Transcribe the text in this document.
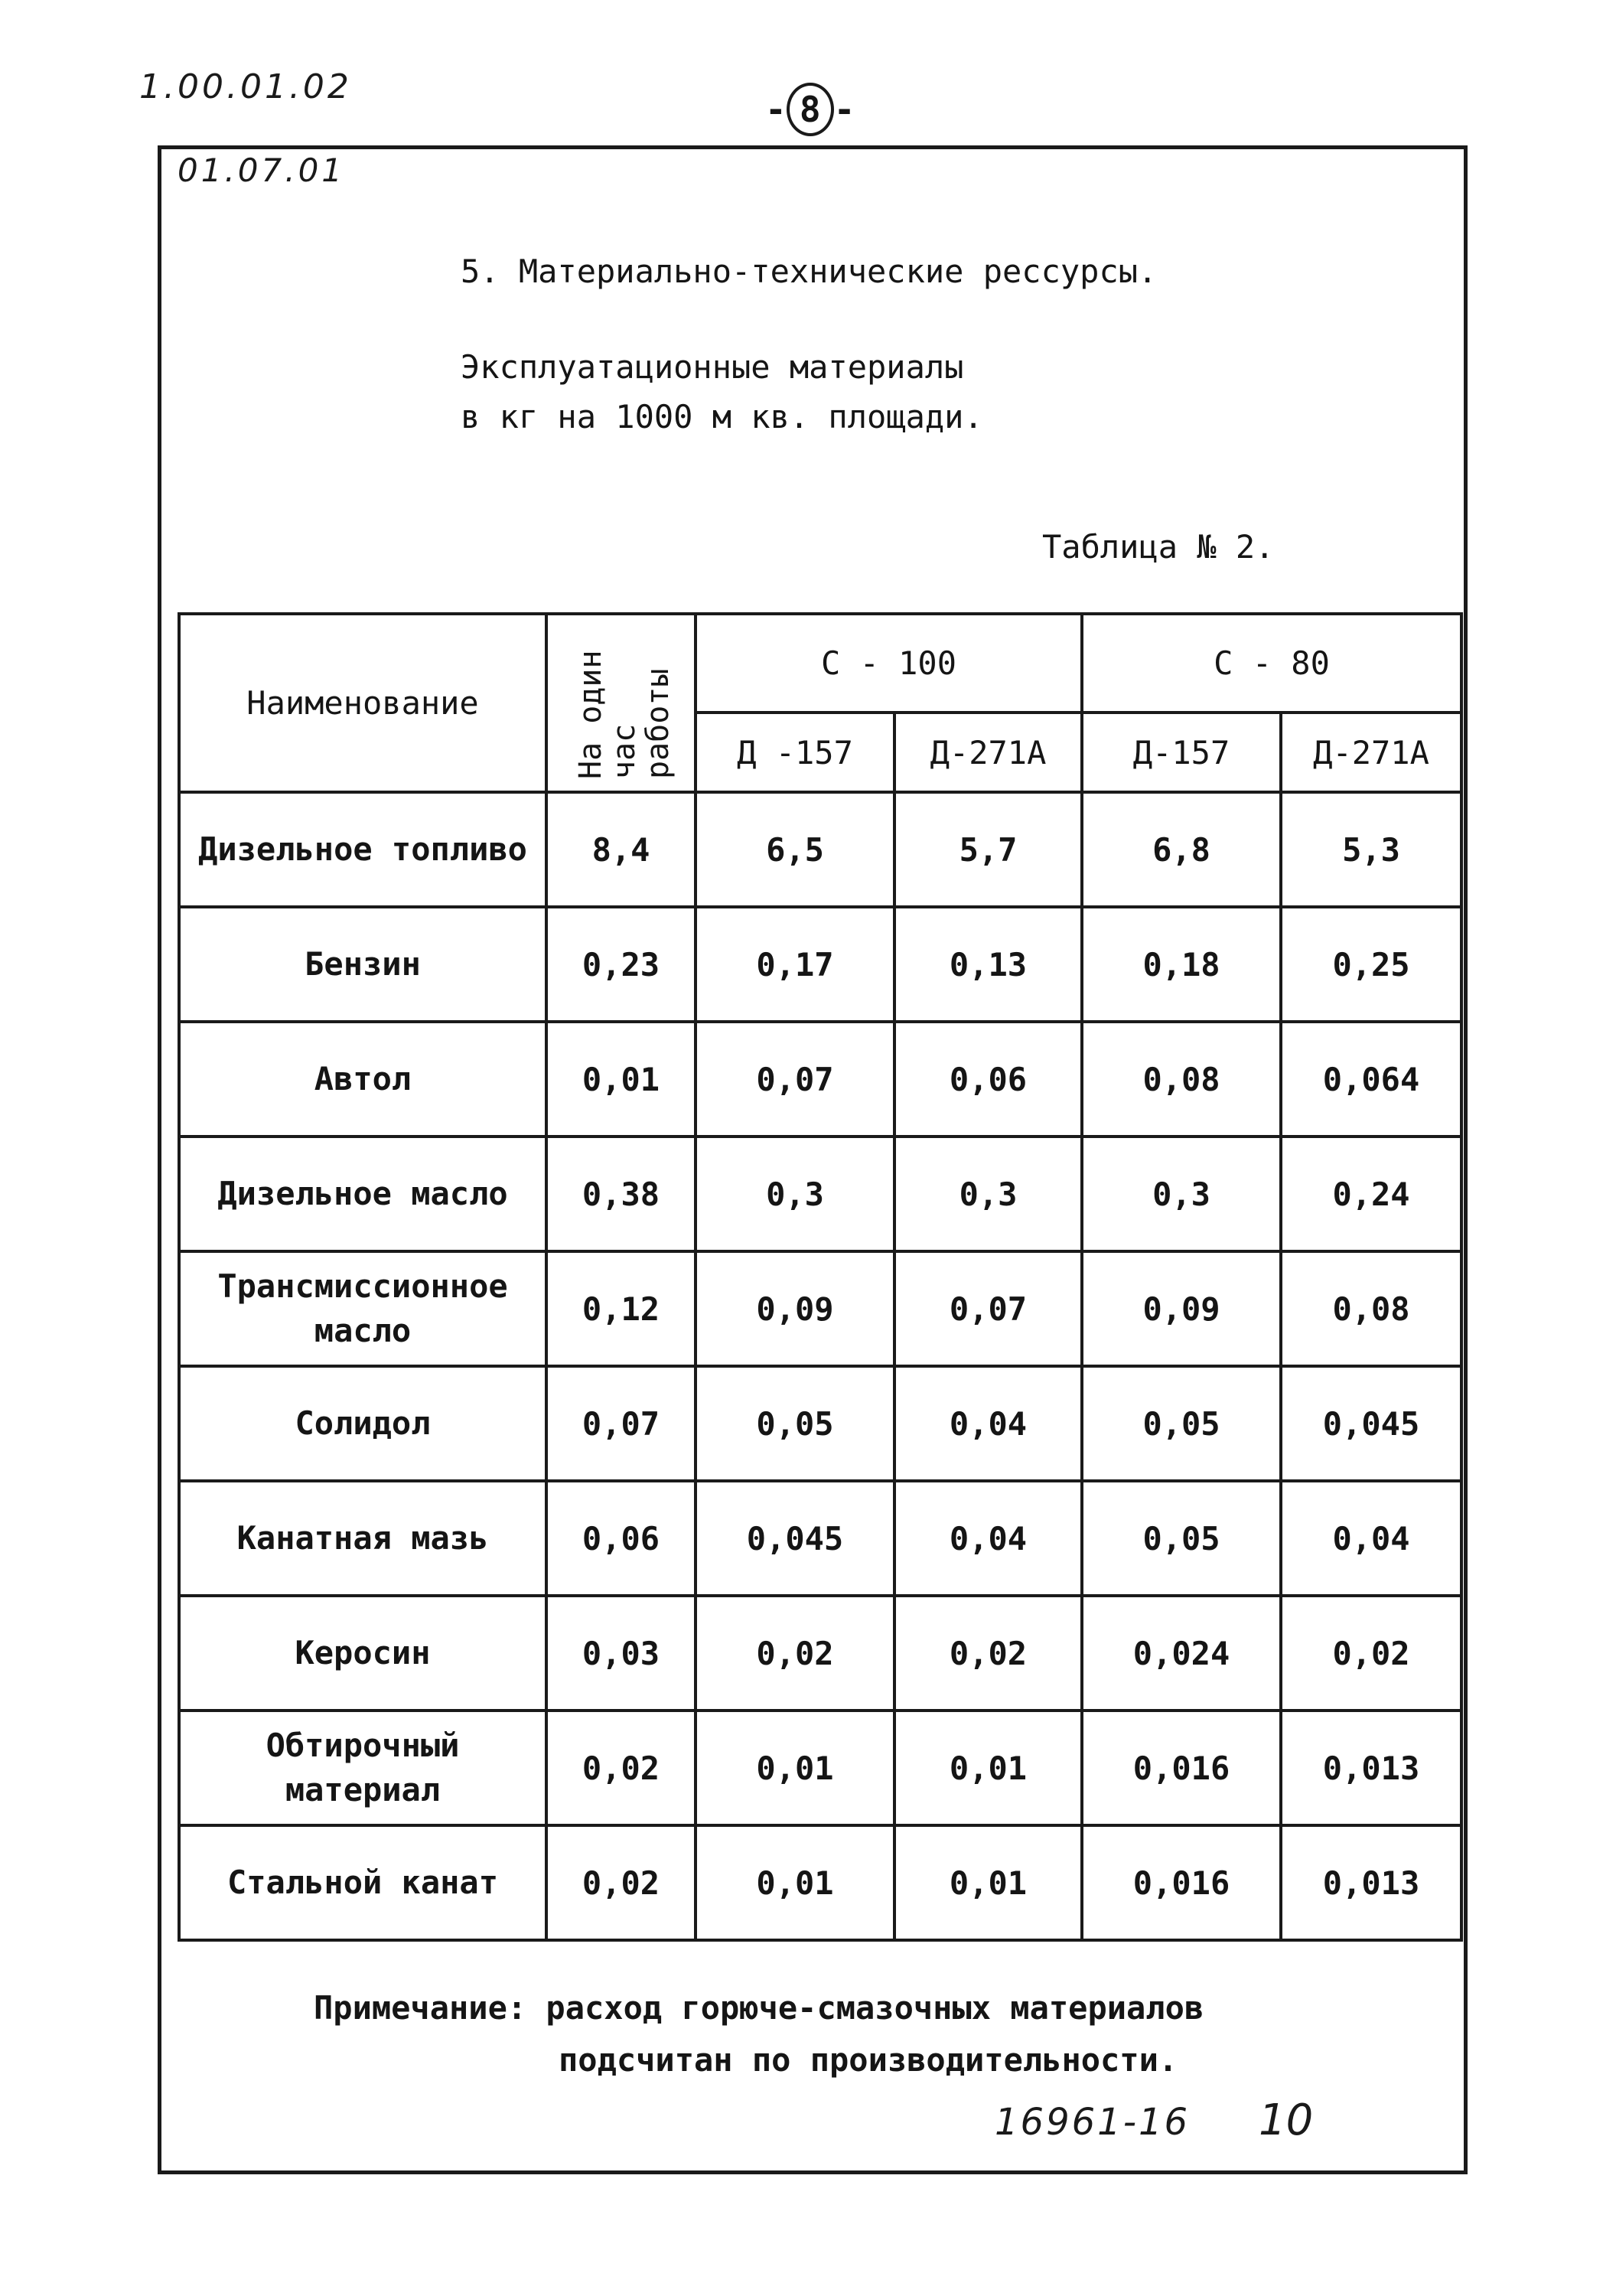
1.00.01.02
- 8 -
01.07.01
5. Материально-технические рессурсы.
Эксплуатационные материалы
в кг на 1000 м кв. площади.
Таблица № 2.
Наименование	На один час работы	С - 100		С - 80	
		Д -157	Д-271А	Д-157	Д-271А
Дизельное топливо	8,4	6,5	5,7	6,8	5,3
Бензин	0,23	0,17	0,13	0,18	0,25
Автол	0,01	0,07	0,06	0,08	0,064
Дизельное масло	0,38	0,3	0,3	0,3	0,24
Трансмиссионное масло	0,12	0,09	0,07	0,09	0,08
Солидол	0,07	0,05	0,04	0,05	0,045
Канатная мазь	0,06	0,045	0,04	0,05	0,04
Керосин	0,03	0,02	0,02	0,024	0,02
Обтирочный материал	0,02	0,01	0,01	0,016	0,013
Стальной канат	0,02	0,01	0,01	0,016	0,013
Примечание: расход горюче-смазочных материалов
подсчитан по производительности.
16961-16 10
